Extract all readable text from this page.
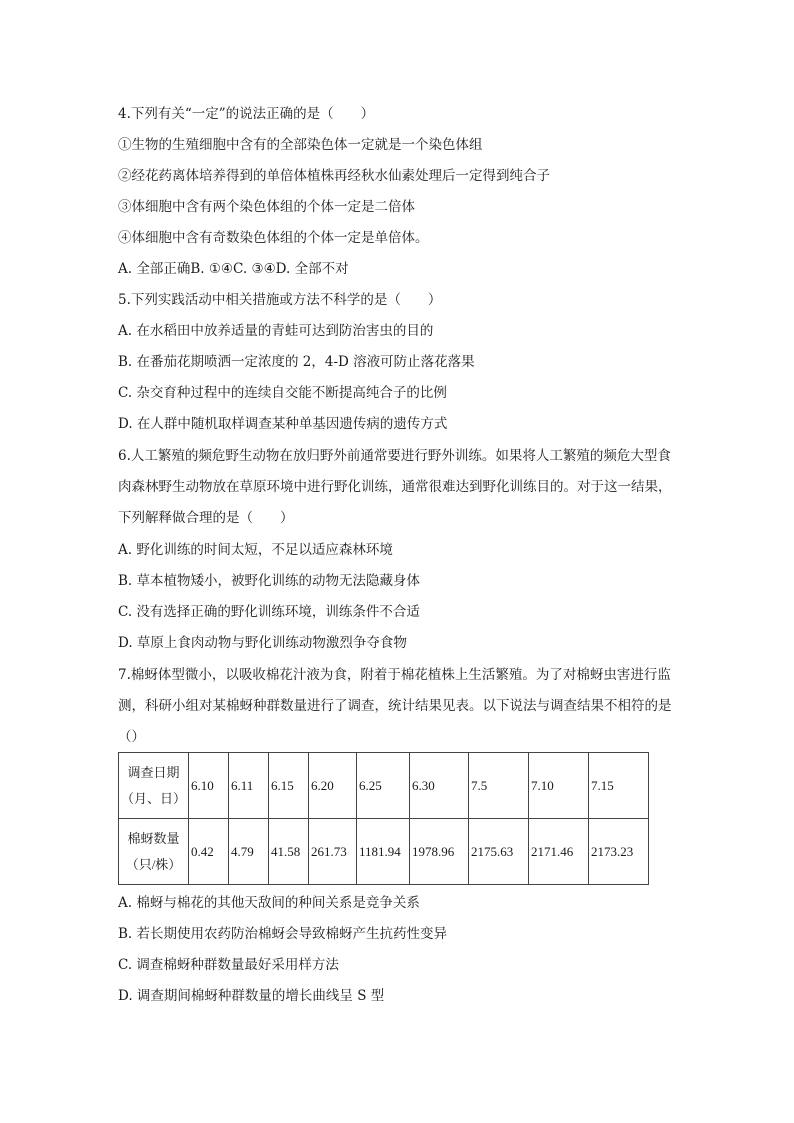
4.下列有关“一定”的说法正确的是（　　）
①生物的生殖细胞中含有的全部染色体一定就是一个染色体组
②经花药离体培养得到的单倍体植株再经秋水仙素处理后一定得到纯合子
③体细胞中含有两个染色体组的个体一定是二倍体
④体细胞中含有奇数染色体组的个体一定是单倍体。
A. 全部正确B. ①④C. ③④D. 全部不对
5.下列实践活动中相关措施或方法不科学的是（　　）
A. 在水稻田中放养适量的青蛙可达到防治害虫的目的
B. 在番茄花期喷洒一定浓度的 2，4-D 溶液可防止落花落果
C. 杂交育种过程中的连续自交能不断提高纯合子的比例
D. 在人群中随机取样调查某种单基因遗传病的遗传方式
6.人工繁殖的频危野生动物在放归野外前通常要进行野外训练。如果将人工繁殖的频危大型食肉森林野生动物放在草原环境中进行野化训练，通常很难达到野化训练目的。对于这一结果，下列解释做合理的是（　　）
A. 野化训练的时间太短，不足以适应森林环境
B. 草本植物矮小，被野化训练的动物无法隐藏身体
C. 没有选择正确的野化训练环境，训练条件不合适
D. 草原上食肉动物与野化训练动物激烈争夺食物
7.棉蚜体型微小，以吸收棉花汁液为食，附着于棉花植株上生活繁殖。为了对棉蚜虫害进行监测，科研小组对某棉蚜种群数量进行了调查，统计结果见表。以下说法与调查结果不相符的是（）
调查日期
（月、日）	6.10	6.11	6.15	6.20	6.25	6.30	7.5	7.10	7.15

棉蚜数量
（只/株）	0.42	4.79	41.58	261.73	1181.94	1978.96	2175.63	2171.46	2173.23
A. 棉蚜与棉花的其他天敌间的种间关系是竞争关系
B. 若长期使用农药防治棉蚜会导致棉蚜产生抗药性变异
C. 调查棉蚜种群数量最好采用样方法
D. 调查期间棉蚜种群数量的增长曲线呈 S 型
